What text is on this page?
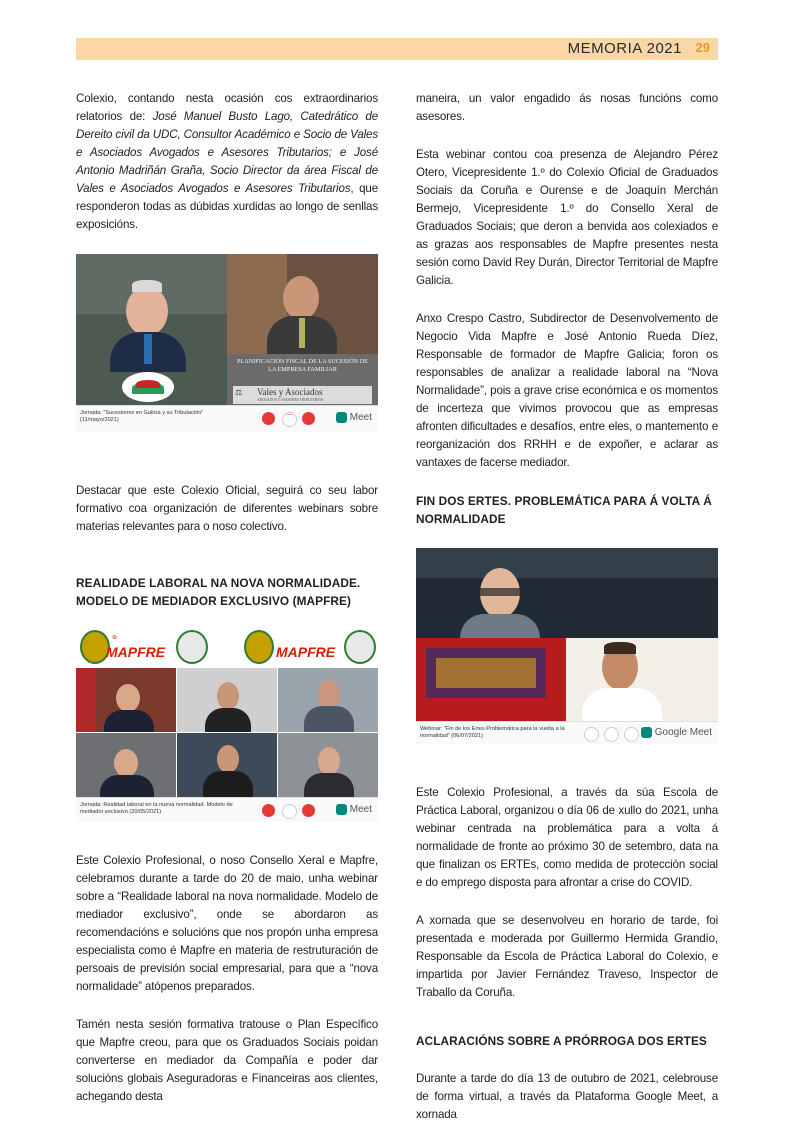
MEMORIA 2021 29

Colexio, contando nesta ocasión cos extraordinarios relatorios de: José Manuel Busto Lago, Catedrático de Dereito civil da UDC, Consultor Académico e Socio de Vales e Asociados Avogados e Asesores Tributarios; e José Antonio Madriñán Graña, Socio Director da área Fiscal de Vales e Asociados Avogados e Asesores Tributarios, que responderon todas as dúbidas xurdidas ao longo de senllas exposicións.

PLANIFICACIÓN FISCAL DE LA SUCESIÓN DE LA EMPRESA FAMILIAR
⚖ Vales y Asociados
ABOGADOS Y ASESORES TRIBUTARIOS
Jornada: "Sucesiones en Galicia y su Tributación" (11/mayo/2021)	⌒	Meet

Destacar que este Colexio Oficial, seguirá co seu labor formativo coa organización de diferentes webinars sobre materias relevantes para o noso colectivo.

REALIDADE LABORAL NA NOVA NORMALIDADE. MODELO DE MEDIADOR EXCLUSIVO (MAPFRE)
⊛
MAPFRE	MAPFRE
Jornada: Realidad laboral en la nueva normalidad. Modelo de mediador exclusivo (20/05/2021)	Meet

Este Colexio Profesional, o noso Consello Xeral e Mapfre, celebramos durante a tarde do 20 de maio, unha webinar sobre a “Realidade laboral na nova normalidade. Modelo de mediador exclusivo”, onde se abordaron as recomendacións e solucións que nos propón unha empresa especialista como é Mapfre en materia de restruturación de persoais de previsión social empresarial, para que a “nova normalidade” atópenos preparados.

Tamén nesta sesión formativa tratouse o Plan Específico que Mapfre creou, para que os Graduados Sociais poidan converterse en mediador da Compañía e poder dar solucións globais Aseguradoras e Financeiras aos clientes, achegando desta

maneira, un valor engadido ás nosas funcións como asesores.

Esta webinar contou coa presenza de Alejandro Pérez Otero, Vicepresidente 1.º do Colexio Oficial de Graduados Sociais da Coruña e Ourense e de Joaquín Merchán Bermejo, Vicepresidente 1.º do Consello Xeral de Graduados Sociais; que deron a benvida aos colexiados e as grazas aos responsables de Mapfre presentes nesta sesión como David Rey Durán, Director Territorial de Mapfre Galicia.

Anxo Crespo Castro, Subdirector de Desenvolvemento de Negocio Vida Mapfre e José Antonio Rueda Díez, Responsable de formador de Mapfre Galicia; foron os responsables de analizar a realidade laboral na “Nova Normalidade”, pois a grave crise económica e os momentos de incerteza que vivimos provocou que as empresas afronten dificultades e desafíos, entre eles, o mantemento e reorganización dos RRHH e de expoñer, e aclarar as vantaxes de facerse mediador.

FIN DOS ERTES. PROBLEMÁTICA PARA Á VOLTA Á NORMALIDADE
Webinar: "Fin de los Ertes.Problemática para la vuelta a la normalidad" (06/07/2021)	Google Meet

Este Colexio Profesional, a través da súa Escola de Práctica Laboral, organizou o día 06 de xullo do 2021, unha webinar centrada na problemática para a volta á normalidade de fronte ao próximo 30 de setembro, data na que finalizan os ERTEs, como medida de protección social e do emprego disposta para afrontar a crise do COVID.

A xornada que se desenvolveu en horario de tarde, foi presentada e moderada por Guillermo Hermida Grandío, Responsable da Escola de Práctica Laboral do Colexio, e impartida por Javier Fernández Traveso, Inspector de Traballo da Coruña.

ACLARACIÓNS SOBRE A PRÓRROGA DOS ERTES

Durante a tarde do día 13 de outubro de 2021, celebrouse de forma virtual, a través da Plataforma Google Meet, a xornada
